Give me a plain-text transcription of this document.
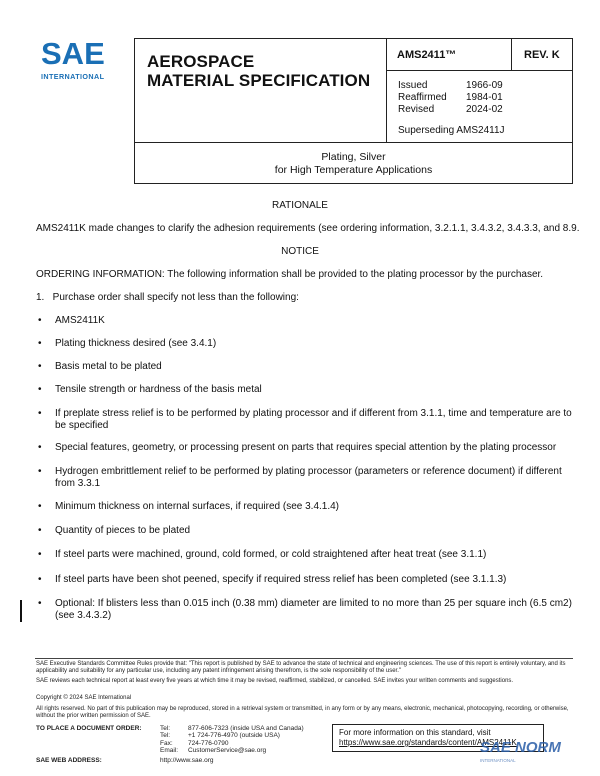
SAE
INTERNATIONAL
AEROSPACE
MATERIAL SPECIFICATION
AMS2411™	REV. K
Issued	1966-09
Reaffirmed	1984-01
Revised	2024-02
Superseding AMS2411J
Plating, Silver
for High Temperature Applications
RATIONALE
AMS2411K made changes to clarify the adhesion requirements (see ordering information, 3.2.1.1, 3.4.3.2, 3.4.3.3, and 8.9.
NOTICE
ORDERING INFORMATION: The following information shall be provided to the plating processor by the purchaser.
1.   Purchase order shall specify not less than the following:
• AMS2411K
• Plating thickness desired (see 3.4.1)
• Basis metal to be plated
• Tensile strength or hardness of the basis metal
• If preplate stress relief is to be performed by plating processor and if different from 3.1.1, time and temperature are to be specified
• Special features, geometry, or processing present on parts that requires special attention by the plating processor
• Hydrogen embrittlement relief to be performed by plating processor (parameters or reference document) if different from 3.3.1
• Minimum thickness on internal surfaces, if required (see 3.4.1.4)
• Quantity of pieces to be plated
• If steel parts were machined, ground, cold formed, or cold straightened after heat treat (see 3.1.1)
• If steel parts have been shot peened, specify if required stress relief has been completed (see 3.1.1.3)
• Optional: If blisters less than 0.015 inch (0.38 mm) diameter are limited to no more than 25 per square inch (6.5 cm2) (see 3.4.3.2)
SAE Executive Standards Committee Rules provide that: "This report is published by SAE to advance the state of technical and engineering sciences. The use of this report is entirely voluntary, and its applicability and suitability for any particular use, including any patent infringement arising therefrom, is the sole responsibility of the user."
SAE reviews each technical report at least every five years at which time it may be revised, reaffirmed, stabilized, or cancelled. SAE invites your written comments and suggestions.
Copyright © 2024 SAE International
All rights reserved. No part of this publication may be reproduced, stored in a retrieval system or transmitted, in any form or by any means, electronic, mechanical, photocopying, recording, or otherwise, without the prior written permission of SAE.
TO PLACE A DOCUMENT ORDER:	Tel:	877-606-7323 (inside USA and Canada)
Tel:	+1 724-776-4970 (outside USA)
Fax:	724-776-0790
Email:	CustomerService@sae.org
SAE WEB ADDRESS:	http://www.sae.org
For more information on this standard, visit
https://www.sae.org/standards/content/AMS2411K
SAE NORM
INTERNATIONAL
